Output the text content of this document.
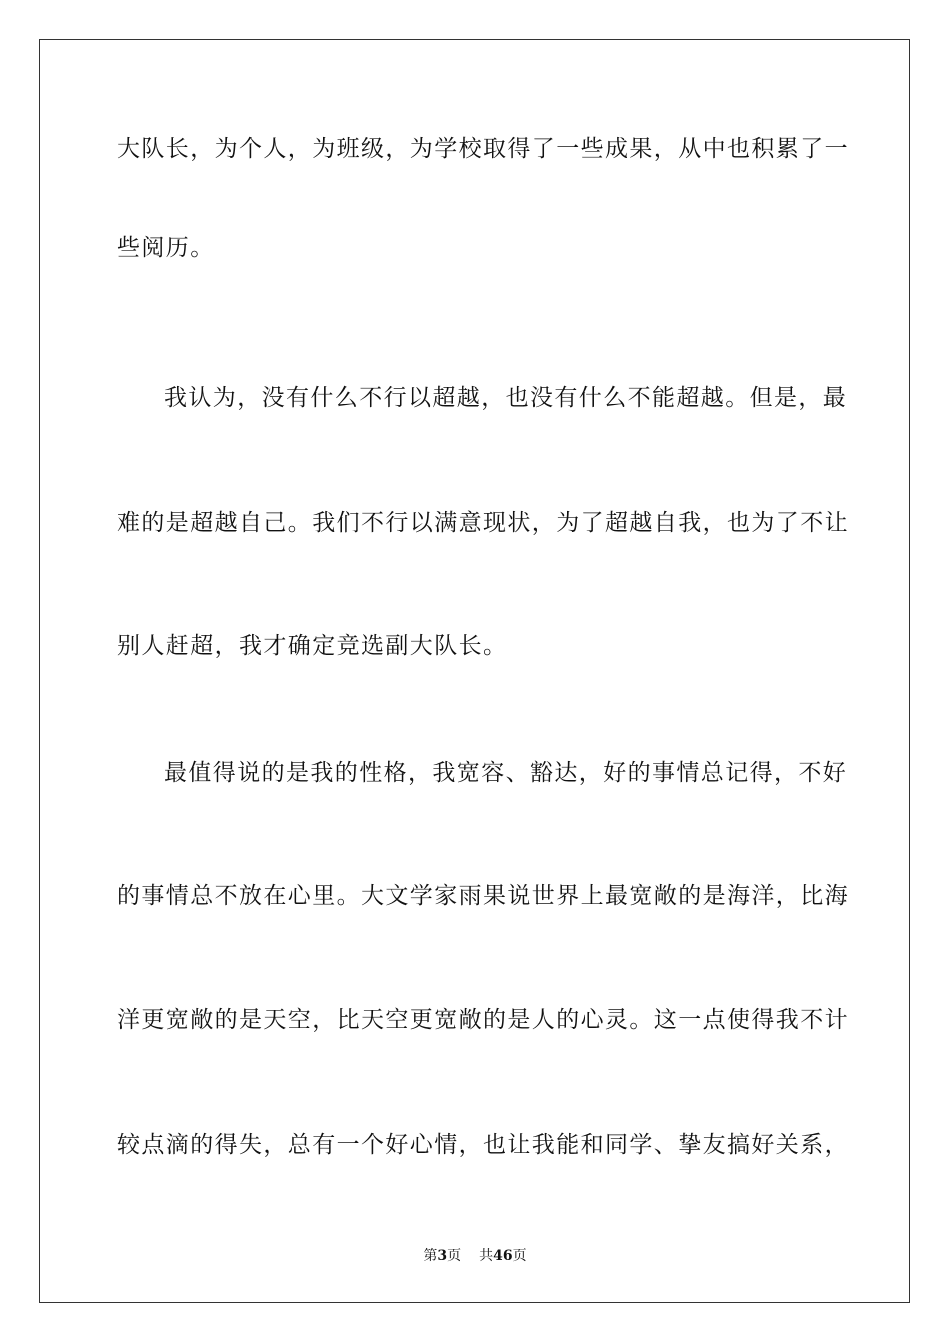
大队长，为个人，为班级，为学校取得了一些成果，从中也积累了一
些阅历。
我认为，没有什么不行以超越，也没有什么不能超越。但是，最
难的是超越自己。我们不行以满意现状，为了超越自我，也为了不让
别人赶超，我才确定竞选副大队长。
最值得说的是我的性格，我宽容、豁达，好的事情总记得，不好
的事情总不放在心里。大文学家雨果说世界上最宽敞的是海洋，比海
洋更宽敞的是天空，比天空更宽敞的是人的心灵。这一点使得我不计
较点滴的得失，总有一个好心情，也让我能和同学、挚友搞好关系，
第3页 共46页
